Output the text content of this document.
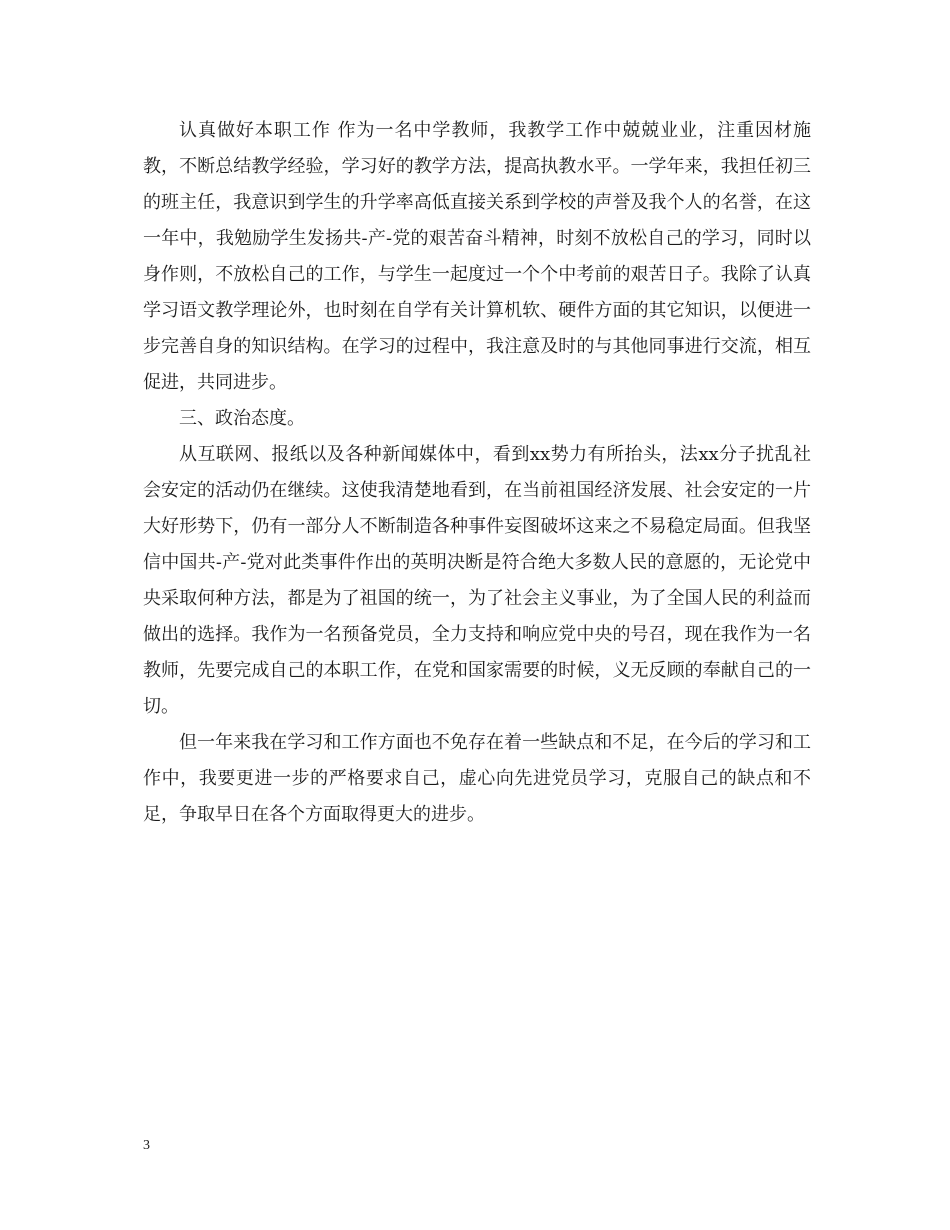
认真做好本职工作 作为一名中学教师，我教学工作中兢兢业业，注重因材施教，不断总结教学经验，学习好的教学方法，提高执教水平。一学年来，我担任初三的班主任，我意识到学生的升学率高低直接关系到学校的声誉及我个人的名誉，在这一年中，我勉励学生发扬共-产-党的艰苦奋斗精神，时刻不放松自己的学习，同时以身作则，不放松自己的工作，与学生一起度过一个个中考前的艰苦日子。我除了认真学习语文教学理论外，也时刻在自学有关计算机软、硬件方面的其它知识，以便进一步完善自身的知识结构。在学习的过程中，我注意及时的与其他同事进行交流，相互促进，共同进步。

三、政治态度。

从互联网、报纸以及各种新闻媒体中，看到xx势力有所抬头，法xx分子扰乱社会安定的活动仍在继续。这使我清楚地看到，在当前祖国经济发展、社会安定的一片大好形势下，仍有一部分人不断制造各种事件妄图破坏这来之不易稳定局面。但我坚信中国共-产-党对此类事件作出的英明决断是符合绝大多数人民的意愿的，无论党中央采取何种方法，都是为了祖国的统一，为了社会主义事业，为了全国人民的利益而做出的选择。我作为一名预备党员，全力支持和响应党中央的号召，现在我作为一名教师，先要完成自己的本职工作，在党和国家需要的时候，义无反顾的奉献自己的一切。

但一年来我在学习和工作方面也不免存在着一些缺点和不足，在今后的学习和工作中，我要更进一步的严格要求自己，虚心向先进党员学习，克服自己的缺点和不足，争取早日在各个方面取得更大的进步。

3
